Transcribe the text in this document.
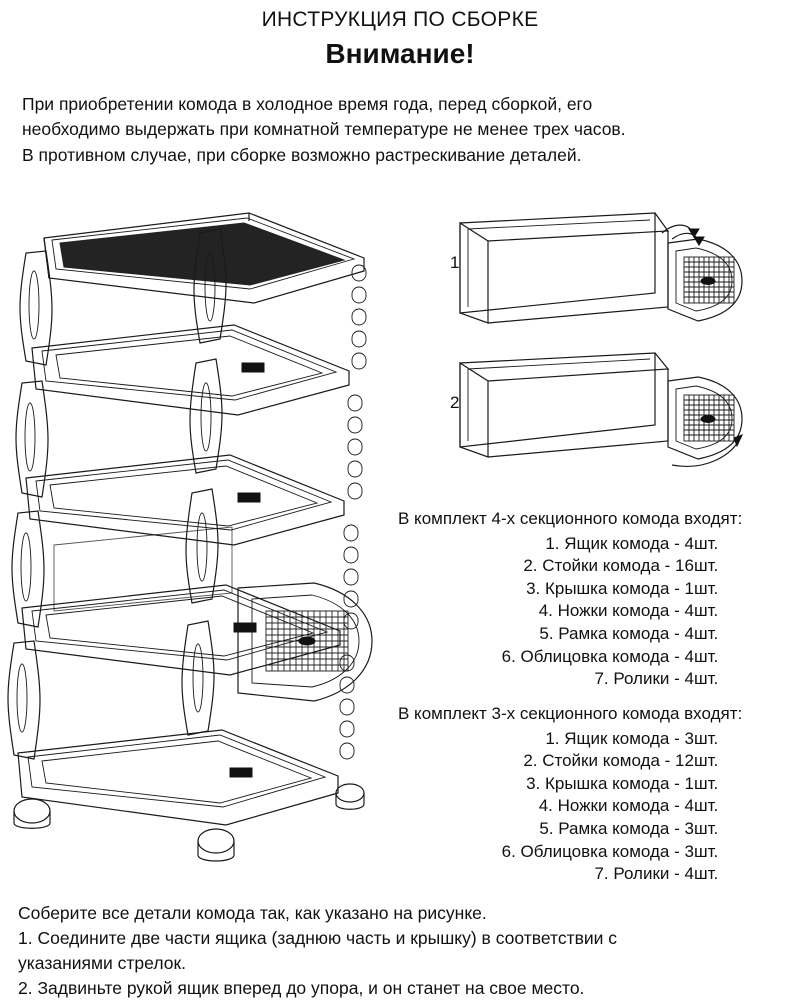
ИНСТРУКЦИЯ ПО СБОРКЕ
Внимание!
При приобретении комода в холодное время года, перед сборкой, его
необходимо выдержать при комнатной температуре не менее трех часов.
В противном случае, при сборке возможно растрескивание деталей.
1
2
В комплект 4-х секционного комода входят:
1. Ящик комода - 4шт.
2. Стойки комода - 16шт.
3. Крышка комода - 1шт.
4. Ножки комода - 4шт.
5. Рамка комода - 4шт.
6. Облицовка комода - 4шт.
7. Ролики - 4шт.
В комплект 3-х секционного комода входят:
1. Ящик комода - 3шт.
2. Стойки комода - 12шт.
3. Крышка комода - 1шт.
4. Ножки комода - 4шт.
5. Рамка комода - 3шт.
6. Облицовка комода - 3шт.
7. Ролики - 4шт.
Соберите все детали комода так, как указано на рисунке.
1. Соедините две части ящика (заднюю часть и крышку) в соответствии с
указаниями стрелок.
2. Задвиньте рукой ящик вперед до упора, и он станет на свое место.
